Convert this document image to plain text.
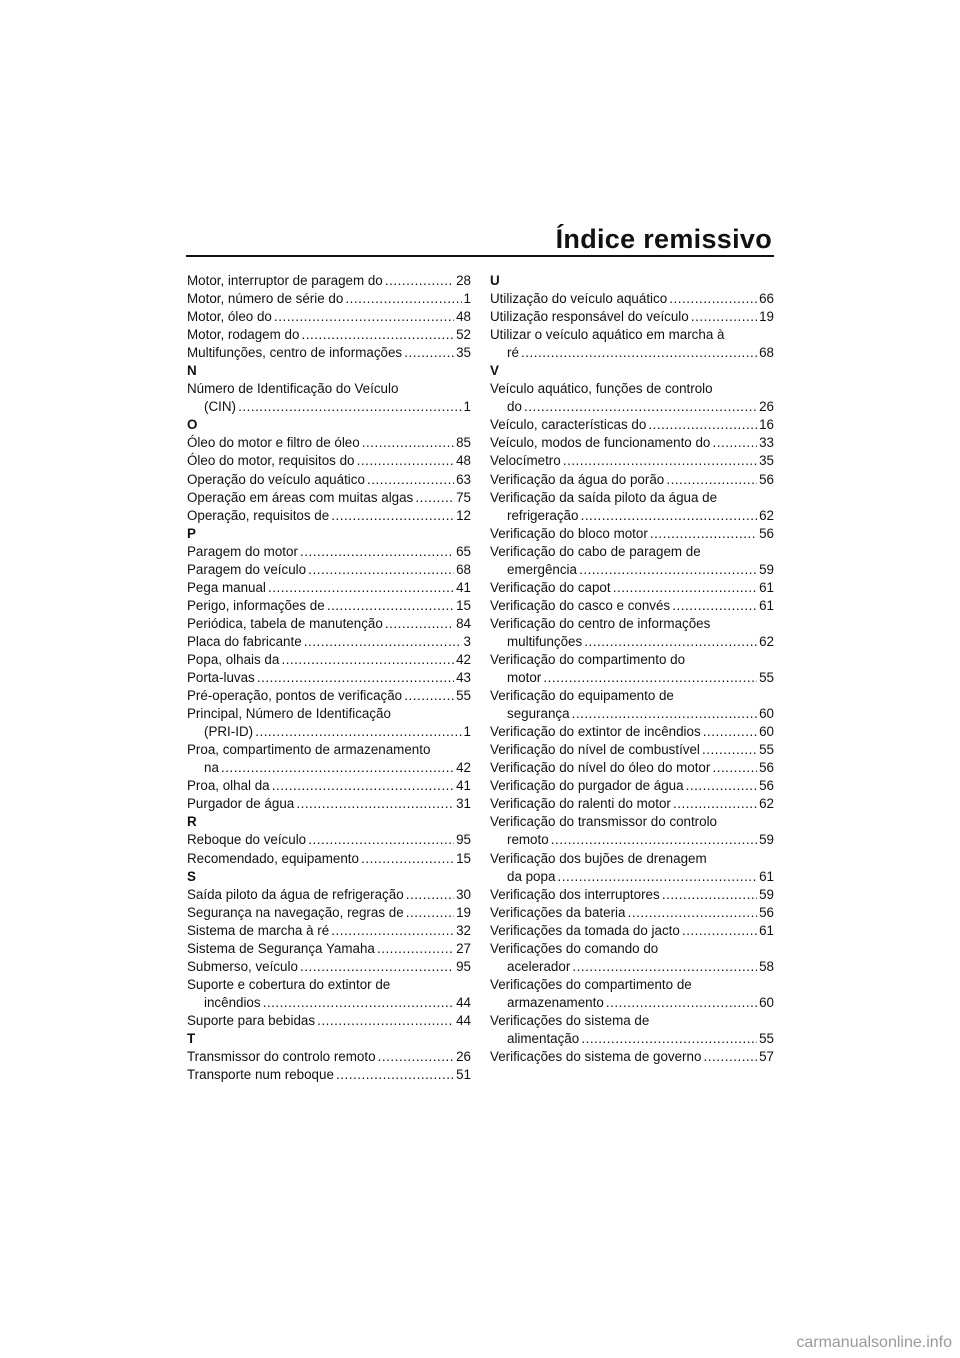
Índice remissivo
Motor, interruptor de paragem do . . .	28
Motor, número de série do . . .	1
Motor, óleo do . . .	48
Motor, rodagem do . . .	52
Multifunções, centro de informações . . .	35
N
Número de Identificação do Veículo
(CIN) . . .	1
O
Óleo do motor e filtro de óleo . . .	85
Óleo do motor, requisitos do . . .	48
Operação do veículo aquático . . .	63
Operação em áreas com muitas algas . . .	75
Operação, requisitos de . . .	12
P
Paragem do motor . . .	65
Paragem do veículo . . .	68
Pega manual . . .	41
Perigo, informações de . . .	15
Periódica, tabela de manutenção . . .	84
Placa do fabricante . . .	3
Popa, olhais da . . .	42
Porta-luvas . . .	43
Pré-operação, pontos de verificação . . .	55
Principal, Número de Identificação
(PRI-ID) . . .	1
Proa, compartimento de armazenamento
na . . .	42
Proa, olhal da . . .	41
Purgador de água . . .	31
R
Reboque do veículo . . .	95
Recomendado, equipamento . . .	15
S
Saída piloto da água de refrigeração . . .	30
Segurança na navegação, regras de . . .	19
Sistema de marcha à ré . . .	32
Sistema de Segurança Yamaha . . .	27
Submerso, veículo . . .	95
Suporte e cobertura do extintor de
incêndios . . .	44
Suporte para bebidas . . .	44
T
Transmissor do controlo remoto . . .	26
Transporte num reboque . . .	51
U
Utilização do veículo aquático . . .	66
Utilização responsável do veículo . . .	19
Utilizar o veículo aquático em marcha à
ré . . .	68
V
Veículo aquático, funções de controlo
do . . .	26
Veículo, características do . . .	16
Veículo, modos de funcionamento do . . .	33
Velocímetro . . .	35
Verificação da água do porão . . .	56
Verificação da saída piloto da água de
refrigeração . . .	62
Verificação do bloco motor . . .	56
Verificação do cabo de paragem de
emergência . . .	59
Verificação do capot . . .	61
Verificação do casco e convés . . .	61
Verificação do centro de informações
multifunções . . .	62
Verificação do compartimento do
motor . . .	55
Verificação do equipamento de
segurança . . .	60
Verificação do extintor de incêndios . . .	60
Verificação do nível de combustível . . .	55
Verificação do nível do óleo do motor . . .	56
Verificação do purgador de água . . .	56
Verificação do ralenti do motor . . .	62
Verificação do transmissor do controlo
remoto . . .	59
Verificação dos bujões de drenagem
da popa . . .	61
Verificação dos interruptores . . .	59
Verificações da bateria . . .	56
Verificações da tomada do jacto . . .	61
Verificações do comando do
acelerador . . .	58
Verificações do compartimento de
armazenamento . . .	60
Verificações do sistema de
alimentação . . .	55
Verificações do sistema de governo . . .	57
carmanualsonline.info
